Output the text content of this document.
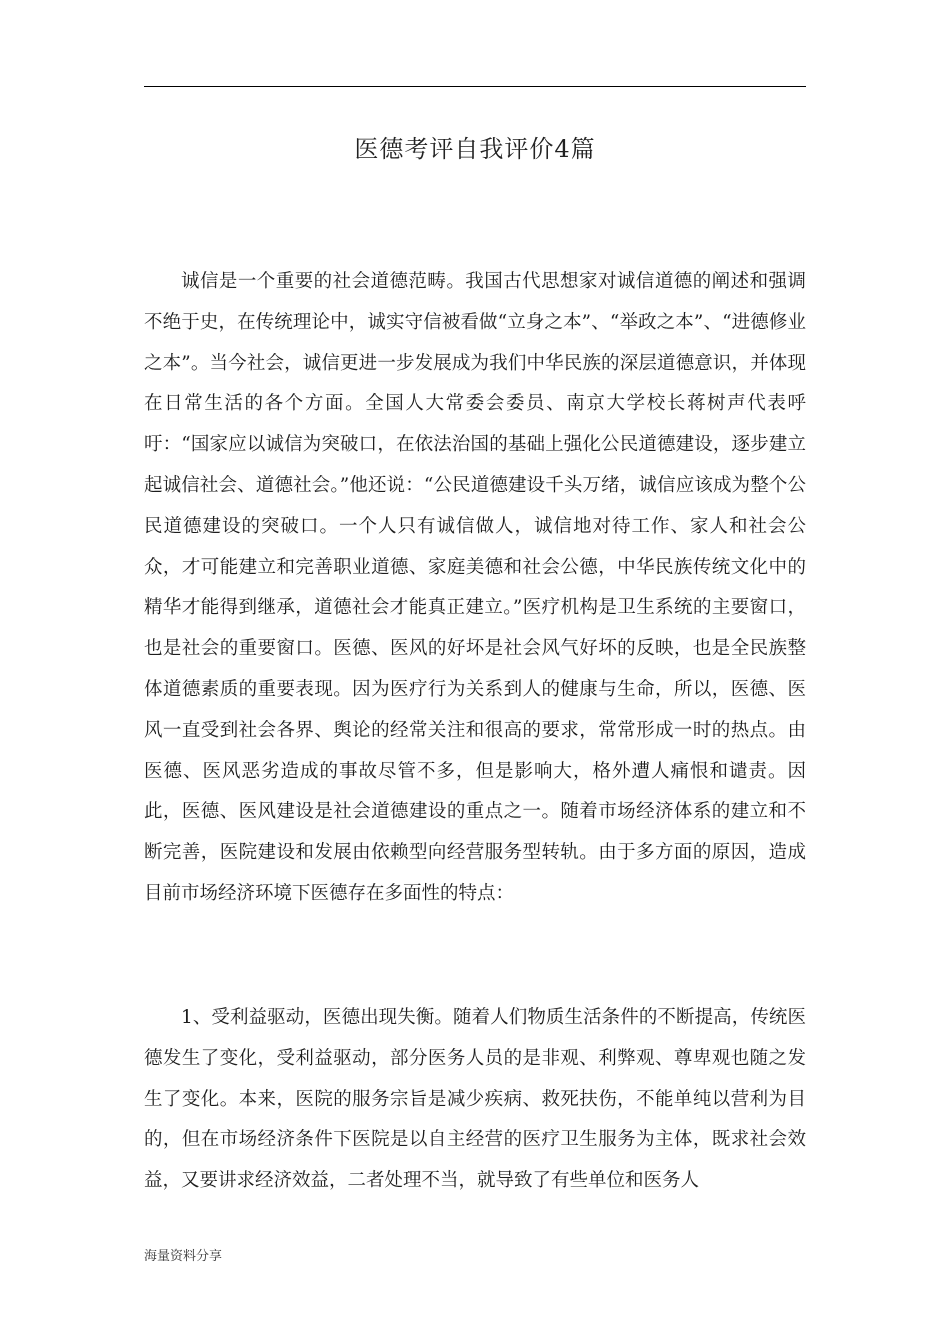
医德考评自我评价4篇

诚信是一个重要的社会道德范畴。我国古代思想家对诚信道德的阐述和强调不绝于史，在传统理论中，诚实守信被看做“立身之本”、“举政之本”、“进德修业之本”。当今社会，诚信更进一步发展成为我们中华民族的深层道德意识，并体现在日常生活的各个方面。全国人大常委会委员、南京大学校长蒋树声代表呼吁：“国家应以诚信为突破口，在依法治国的基础上强化公民道德建设，逐步建立起诚信社会、道德社会。”他还说：“公民道德建设千头万绪，诚信应该成为整个公民道德建设的突破口。一个人只有诚信做人，诚信地对待工作、家人和社会公众，才可能建立和完善职业道德、家庭美德和社会公德，中华民族传统文化中的精华才能得到继承，道德社会才能真正建立。”医疗机构是卫生系统的主要窗口，也是社会的重要窗口。医德、医风的好坏是社会风气好坏的反映，也是全民族整体道德素质的重要表现。因为医疗行为关系到人的健康与生命，所以，医德、医风一直受到社会各界、舆论的经常关注和很高的要求，常常形成一时的热点。由医德、医风恶劣造成的事故尽管不多，但是影响大，格外遭人痛恨和谴责。因此，医德、医风建设是社会道德建设的重点之一。随着市场经济体系的建立和不断完善，医院建设和发展由依赖型向经营服务型转轨。由于多方面的原因，造成目前市场经济环境下医德存在多面性的特点：

1、受利益驱动，医德出现失衡。随着人们物质生活条件的不断提高，传统医德发生了变化，受利益驱动，部分医务人员的是非观、利弊观、尊卑观也随之发生了变化。本来，医院的服务宗旨是减少疾病、救死扶伤，不能单纯以营利为目的，但在市场经济条件下医院是以自主经营的医疗卫生服务为主体，既求社会效益，又要讲求经济效益，二者处理不当，就导致了有些单位和医务人

海量资料分享
